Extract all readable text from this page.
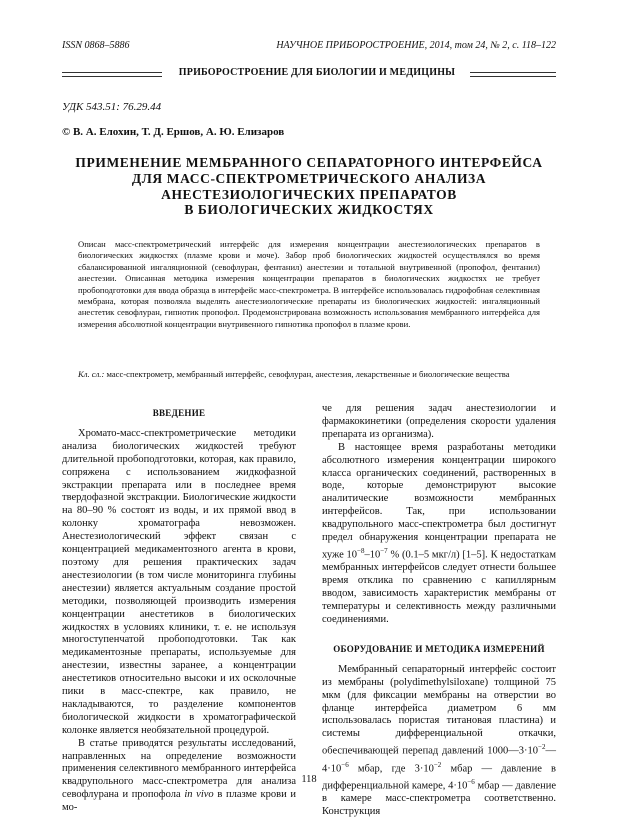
ISSN 0868–5886	НАУЧНОЕ ПРИБОРОСТРОЕНИЕ, 2014, том 24, № 2, с. 118–122
ПРИБОРОСТРОЕНИЕ ДЛЯ БИОЛОГИИ И МЕДИЦИНЫ
УДК 543.51: 76.29.44
© В. А. Елохин, Т. Д. Ершов, А. Ю. Елизаров
ПРИМЕНЕНИЕ МЕМБРАННОГО СЕПАРАТОРНОГО ИНТЕРФЕЙСА
ДЛЯ МАСС-СПЕКТРОМЕТРИЧЕСКОГО АНАЛИЗА
АНЕСТЕЗИОЛОГИЧЕСКИХ ПРЕПАРАТОВ
В БИОЛОГИЧЕСКИХ ЖИДКОСТЯХ
Описан масс-спектрометрический интерфейс для измерения концентрации анестезиологических препаратов в биологических жидкостях (плазме крови и моче). Забор проб биологических жидкостей осуществлялся во время сбалансированной ингаляционной (севофлуран, фентанил) анестезии и тотальной внутривенной (пропофол, фентанил) анестезии. Описанная методика измерения концентрации препаратов в биологических жидкостях не требует пробоподготовки для ввода образца в интерфейс масс-спектрометра. В интерфейсе использовалась гидрофобная селективная мембрана, которая позволяла выделять анестезиологические препараты из биологических жидкостей: ингаляционный анестетик севофлуран, гипнотик пропофол. Продемонстрирована возможность использования мембранного интерфейса для измерения абсолютной концентрации внутривенного гипнотика пропофол в плазме крови.
Кл. сл.: масс-спектрометр, мембранный интерфейс, севофлуран, анестезия, лекарственные и биологические вещества
ВВЕДЕНИЕ

Хромато-масс-спектрометрические методики анализа биологических жидкостей требуют длительной пробоподготовки, которая, как правило, сопряжена с использованием жидкофазной экстракции препарата или в последнее время твердофазной экстракции. Биологические жидкости на 80–90 % состоят из воды, и их прямой ввод в колонку хроматографа невозможен. Анестезиологический эффект связан с концентрацией медикаментозного агента в крови, поэтому для решения практических задач анестезиологии (в том числе мониторинга глубины анестезии) является актуальным создание простой методики, позволяющей производить измерения концентрации анестетиков в биологических жидкостях в условиях клиники, т. е. не используя многоступенчатой пробоподготовки. Так как медикаментозные препараты, используемые для анестезии, известны заранее, а концентрации анестетиков относительно высоки и их осколочные пики в масс-спектре, как правило, не накладываются, то разделение компонентов биологической жидкости в хроматографической колонке является необязательной процедурой.

В статье приводятся результаты исследований, направленных на определение возможности применения селективного мембранного интерфейса квадрупольного масс-спектрометра для анализа севофлурана и пропофола in vivo в плазме крови и мо-

че для решения задач анестезиологии и фармакокинетики (определения скорости удаления препарата из организма).

В настоящее время разработаны методики абсолютного измерения концентрации широкого класса органических соединений, растворенных в воде, которые демонстрируют высокие аналитические возможности мембранных интерфейсов. Так, при использовании квадрупольного масс-спектрометра был достигнут предел обнаружения концентрации препарата не хуже $10^{-8}-10^{-7}$ % (0.1–5 мкг/л) [1–5]. К недостаткам мембранных интерфейсов следует отнести большее время отклика по сравнению с капиллярным вводом, зависимость характеристик мембраны от температуры и селективность между различными соединениями.

ОБОРУДОВАНИЕ И МЕТОДИКА ИЗМЕРЕНИЙ

Мембранный сепараторный интерфейс состоит из мембраны (polydimethylsiloxane) толщиной 75 мкм (для фиксации мембраны на отверстии во фланце интерфейса диаметром 6 мм использовалась пористая титановая пластина) и системы дифференциальной откачки, обеспечивающей перепад давлений $1000—3\cdot 10^{-2}—4\cdot 10^{-6}$ мбар, где $3\cdot 10^{-2}$ мбар — давление в дифференциальной камере, $4\cdot 10^{-6}$ мбар — давление в камере масс-спектрометра соответственно. Конструкция

118
